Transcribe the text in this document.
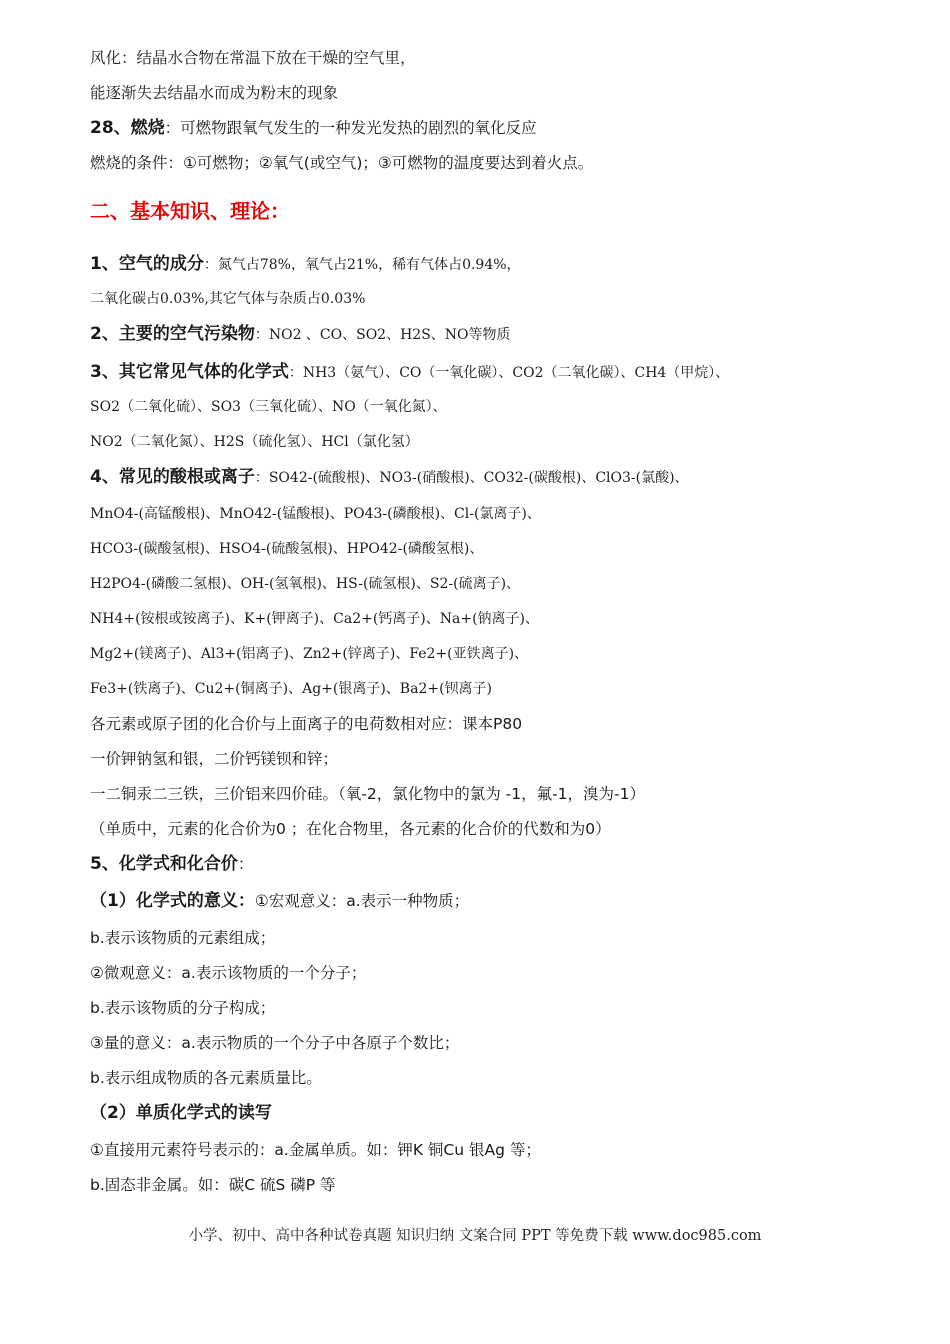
风化：结晶水合物在常温下放在干燥的空气里，
能逐渐失去结晶水而成为粉末的现象
28、燃烧：可燃物跟氧气发生的一种发光发热的剧烈的氧化反应
燃烧的条件：①可燃物；②氧气(或空气)；③可燃物的温度要达到着火点。
二、基本知识、理论：
1、空气的成分：氮气占78%，氧气占21%，稀有气体占0.94%，
二氧化碳占0.03%,其它气体与杂质占0.03%
2、主要的空气污染物：NO2 、CO、SO2、H2S、NO等物质
3、其它常见气体的化学式：NH3（氨气）、CO（一氧化碳）、CO2（二氧化碳）、CH4（甲烷）、
SO2（二氧化硫）、SO3（三氧化硫）、NO（一氧化氮）、
NO2（二氧化氮）、H2S（硫化氢）、HCl（氯化氢）
4、常见的酸根或离子：SO42-(硫酸根)、NO3-(硝酸根)、CO32-(碳酸根)、ClO3-(氯酸)、
MnO4-(高锰酸根)、MnO42-(锰酸根)、PO43-(磷酸根)、Cl-(氯离子)、
HCO3-(碳酸氢根)、HSO4-(硫酸氢根)、HPO42-(磷酸氢根)、
H2PO4-(磷酸二氢根)、OH-(氢氧根)、HS-(硫氢根)、S2-(硫离子)、
NH4+(铵根或铵离子)、K+(钾离子)、Ca2+(钙离子)、Na+(钠离子)、
Mg2+(镁离子)、Al3+(铝离子)、Zn2+(锌离子)、Fe2+(亚铁离子)、
Fe3+(铁离子)、Cu2+(铜离子)、Ag+(银离子)、Ba2+(钡离子)
各元素或原子团的化合价与上面离子的电荷数相对应：课本P80
一价钾钠氢和银，二价钙镁钡和锌；
一二铜汞二三铁，三价铝来四价硅。（氧-2，氯化物中的氯为 -1，氟-1，溴为-1）
（单质中，元素的化合价为0 ；在化合物里，各元素的化合价的代数和为0）
5、化学式和化合价：
（1）化学式的意义：①宏观意义：a.表示一种物质；
b.表示该物质的元素组成；
②微观意义：a.表示该物质的一个分子；
b.表示该物质的分子构成；
③量的意义：a.表示物质的一个分子中各原子个数比；
b.表示组成物质的各元素质量比。
（2）单质化学式的读写
①直接用元素符号表示的：a.金属单质。如：钾K 铜Cu 银Ag 等；
b.固态非金属。如：碳C 硫S 磷P 等
小学、初中、高中各种试卷真题 知识归纳 文案合同 PPT 等免费下载 www.doc985.com
